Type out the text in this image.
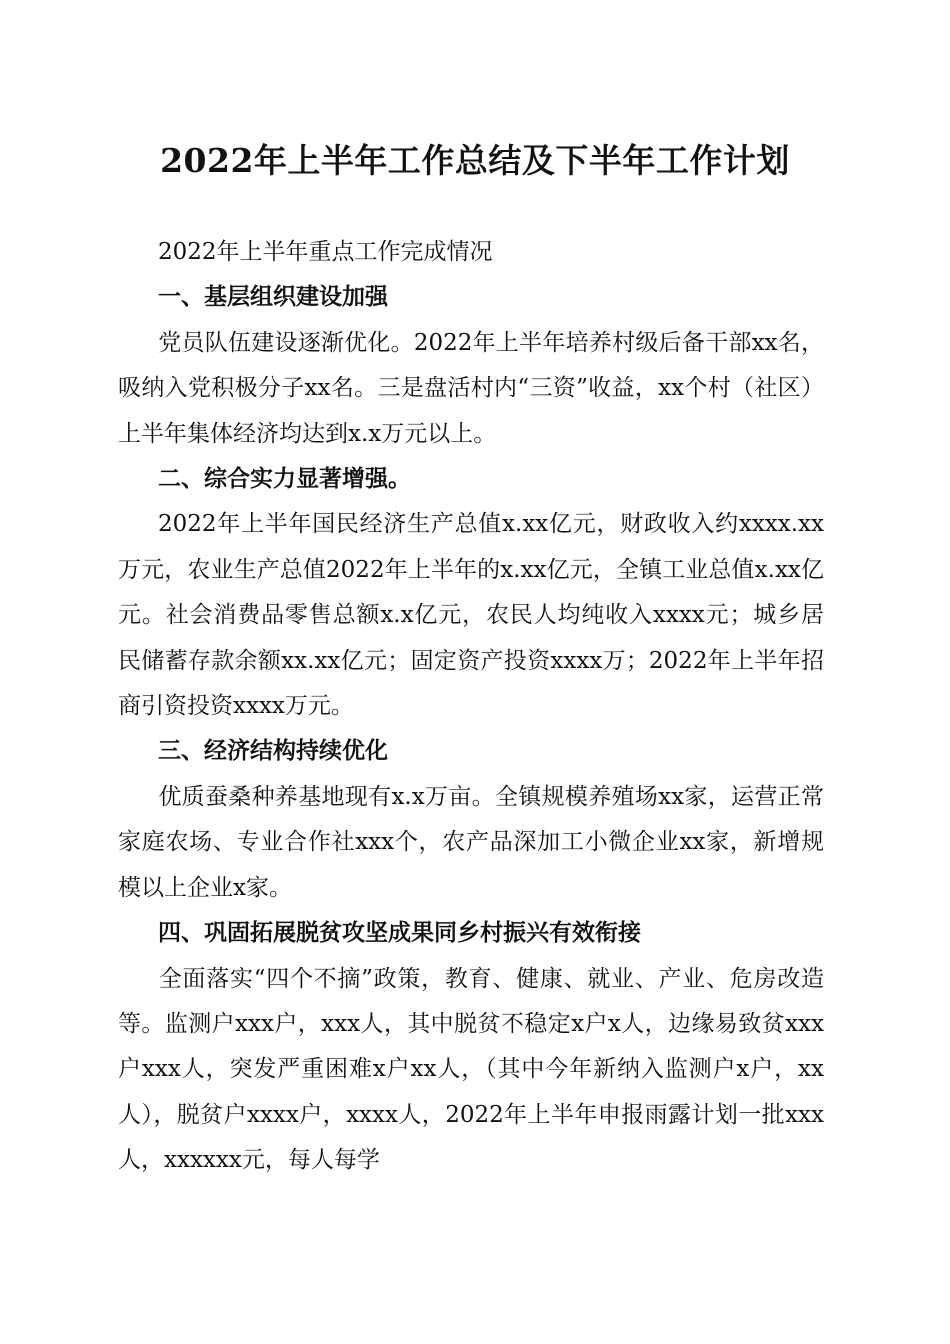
2022年上半年工作总结及下半年工作计划

2022年上半年重点工作完成情况

一、基层组织建设加强

党员队伍建设逐渐优化。2022年上半年培养村级后备干部xx名，吸纳入党积极分子xx名。三是盘活村内“三资”收益，xx个村（社区）上半年集体经济均达到x.x万元以上。

二、综合实力显著增强。

2022年上半年国民经济生产总值x.xx亿元，财政收入约xxxx.xx万元，农业生产总值2022年上半年的x.xx亿元，全镇工业总值x.xx亿元。社会消费品零售总额x.x亿元，农民人均纯收入xxxx元；城乡居民储蓄存款余额xx.xx亿元；固定资产投资xxxx万；2022年上半年招商引资投资xxxx万元。

三、经济结构持续优化

优质蚕桑种养基地现有x.x万亩。全镇规模养殖场xx家，运营正常家庭农场、专业合作社xxx个，农产品深加工小微企业xx家，新增规模以上企业x家。

四、巩固拓展脱贫攻坚成果同乡村振兴有效衔接

全面落实“四个不摘”政策，教育、健康、就业、产业、危房改造等。监测户xxx户，xxx人，其中脱贫不稳定x户x人，边缘易致贫xxx户xxx人，突发严重困难x户xx人，（其中今年新纳入监测户x户，xx人），脱贫户xxxx户，xxxx人，2022年上半年申报雨露计划一批xxx人，xxxxxx元，每人每学
